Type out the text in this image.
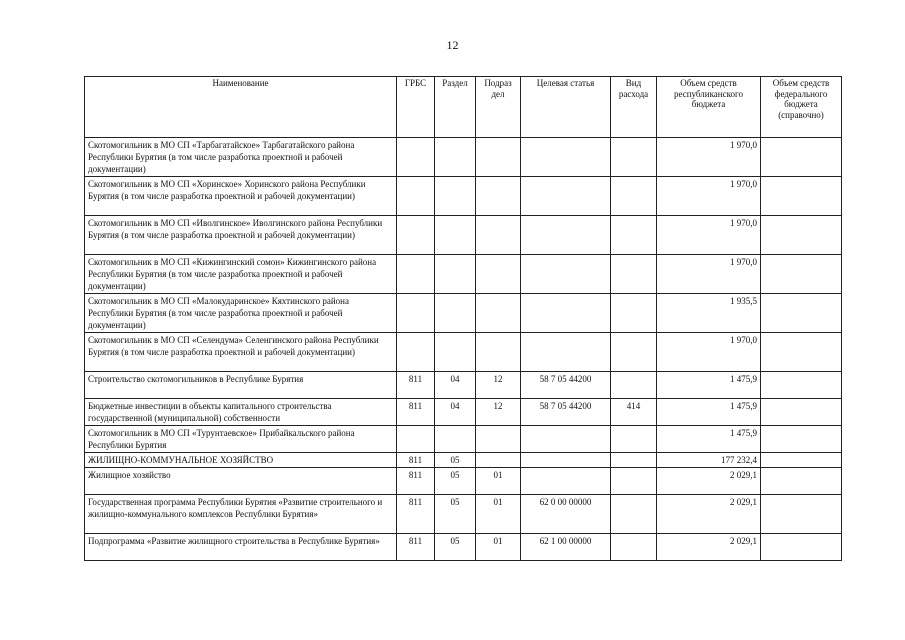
12
Наименование	ГРБС	Раздел	Подраз дел	Целевая статья	Вид расхода	Объем средств республиканского бюджета	Объем средств федерального бюджета (справочно)
Скотомогильник в МО СП «Тарбагатайское» Тарбагатайского района Республики Бурятия (в том числе разработка проектной и рабочей документации)						1 970,0	
Скотомогильник в МО СП «Хоринское» Хоринского района Республики Бурятия (в том числе разработка проектной и рабочей документации)						1 970,0	
Скотомогильник в МО СП «Иволгинское» Иволгинского района Республики Бурятия (в том числе разработка проектной и рабочей документации)						1 970,0	
Скотомогильник в МО СП «Кижингинский сомон» Кижингинского района Республики Бурятия (в том числе разработка проектной и рабочей документации)						1 970,0	
Скотомогильник в МО СП «Малокударинское» Кяхтинского района Республики Бурятия (в том числе разработка проектной и рабочей документации)						1 935,5	
Скотомогильник в МО СП «Селендума» Селенгинского района Республики Бурятия (в том числе разработка проектной и рабочей документации)						1 970,0	
Строительство скотомогильников в Республике Бурятия	811	04	12	58 7 05 44200		1 475,9	
Бюджетные инвестиции в объекты капитального строительства государственной (муниципальной) собственности	811	04	12	58 7 05 44200	414	1 475,9	
Скотомогильник в МО СП «Турунтаевское» Прибайкальского района Республики Бурятия						1 475,9	
ЖИЛИЩНО-КОММУНАЛЬНОЕ ХОЗЯЙСТВО	811	05				177 232,4	
Жилищное хозяйство	811	05	01			2 029,1	
Государственная программа Республики Бурятия «Развитие строительного и жилищно-коммунального комплексов Республики Бурятия»	811	05	01	62 0 00 00000		2 029,1	
Подпрограмма «Развитие жилищного строительства в Республике Бурятия»	811	05	01	62 1 00 00000		2 029,1	
